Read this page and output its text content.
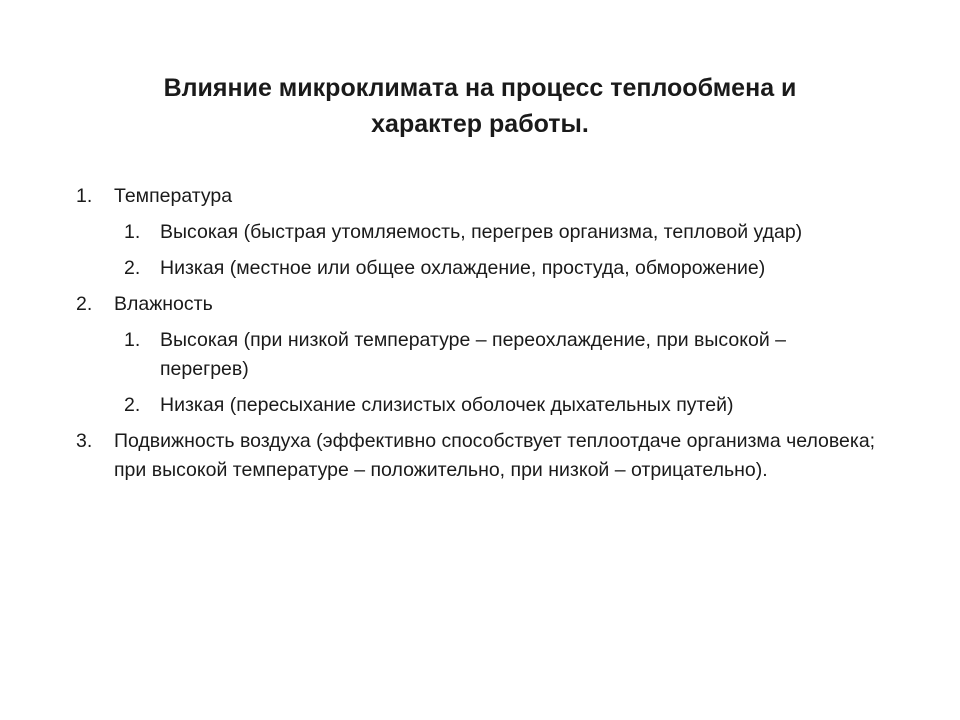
Влияние микроклимата на процесс теплообмена и характер работы.
1. Температура
1. Высокая (быстрая утомляемость, перегрев организма, тепловой удар)
2. Низкая (местное или общее охлаждение, простуда, обморожение)
2. Влажность
1. Высокая (при низкой температуре – переохлаждение, при высокой – перегрев)
2. Низкая (пересыхание слизистых оболочек дыхательных путей)
3. Подвижность воздуха (эффективно способствует теплоотдаче организма человека; при высокой температуре – положительно, при низкой – отрицательно).
